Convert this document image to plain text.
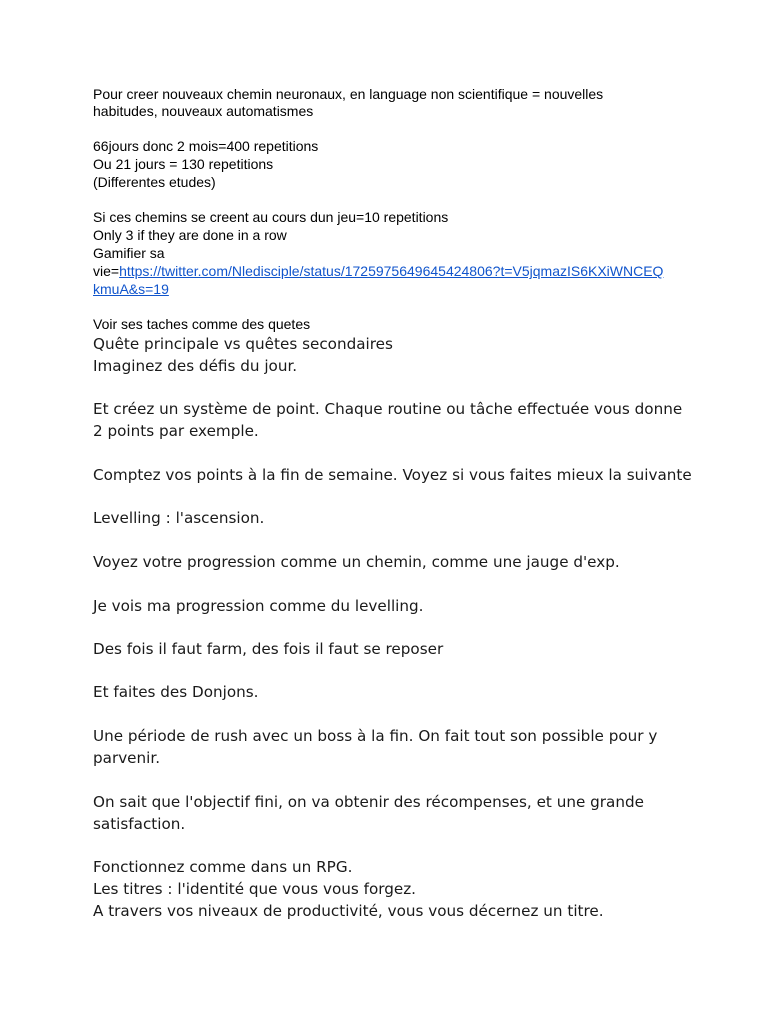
Pour creer nouveaux chemin neuronaux, en language non scientifique = nouvelles
habitudes, nouveaux automatismes
66jours donc 2 mois=400 repetitions
Ou 21 jours = 130 repetitions
(Differentes etudes)
Si ces chemins se creent au cours dun jeu=10 repetitions
Only 3 if they are done in a row
Gamifier sa
vie=https://twitter.com/Nledisciple/status/1725975649645424806?t=V5jqmazIS6KXiWNCEQ
kmuA&s=19
Voir ses taches comme des quetes
Quête principale vs quêtes secondaires
Imaginez des défis du jour.
Et créez un système de point. Chaque routine ou tâche effectuée vous donne
2 points par exemple.
Comptez vos points à la fin de semaine. Voyez si vous faites mieux la suivante
Levelling : l'ascension.
Voyez votre progression comme un chemin, comme une jauge d'exp.
Je vois ma progression comme du levelling.
Des fois il faut farm, des fois il faut se reposer
Et faites des Donjons.
Une période de rush avec un boss à la fin. On fait tout son possible pour y
parvenir.
On sait que l'objectif fini, on va obtenir des récompenses, et une grande
satisfaction.
Fonctionnez comme dans un RPG.
Les titres : l'identité que vous vous forgez.
A travers vos niveaux de productivité, vous vous décernez un titre.
